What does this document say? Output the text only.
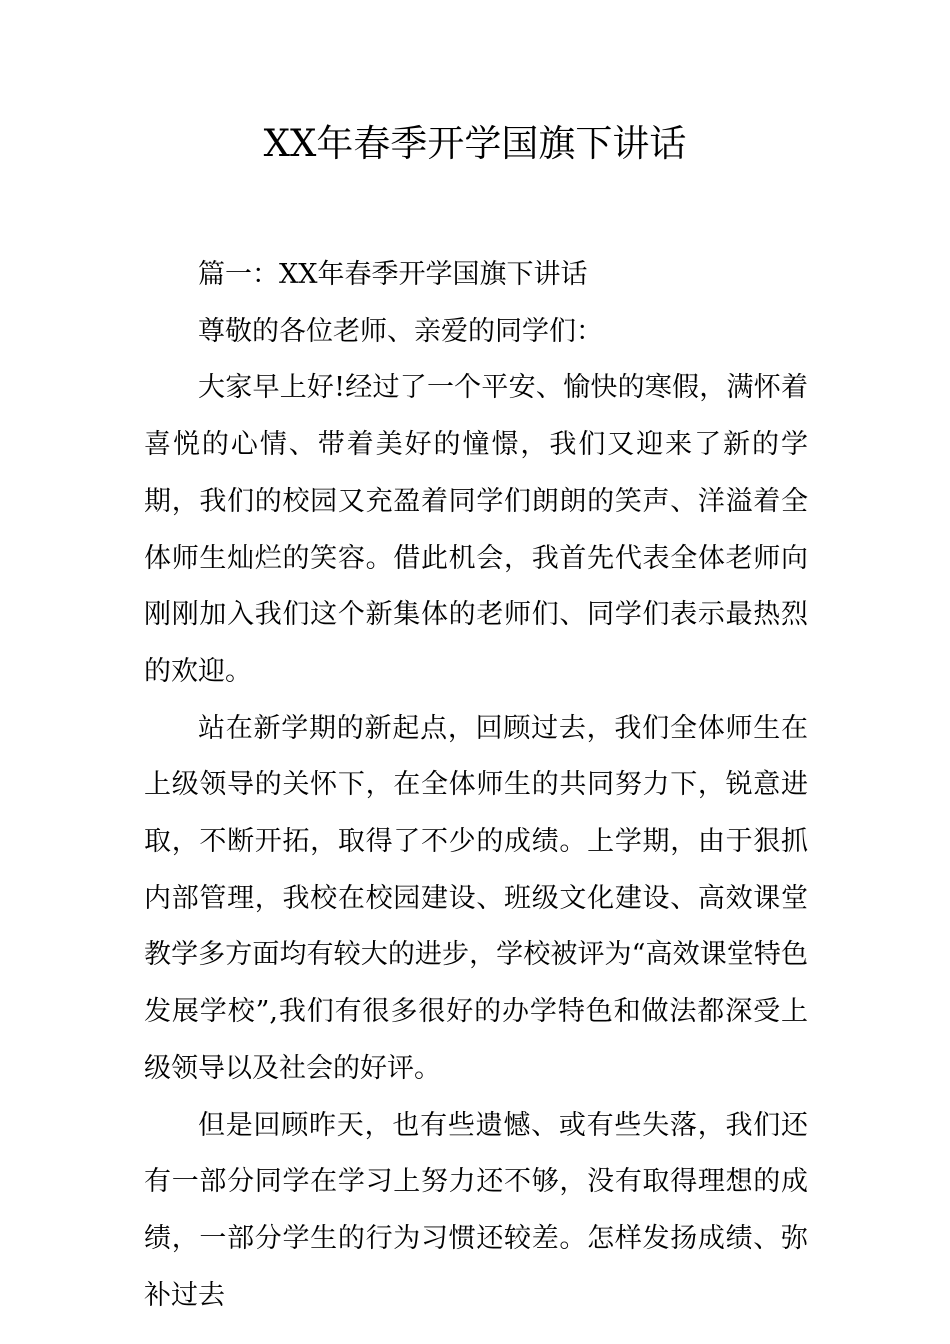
XX年春季开学国旗下讲话

篇一：XX年春季开学国旗下讲话

尊敬的各位老师、亲爱的同学们：

大家早上好!经过了一个平安、愉快的寒假，满怀着喜悦的心情、带着美好的憧憬，我们又迎来了新的学期，我们的校园又充盈着同学们朗朗的笑声、洋溢着全体师生灿烂的笑容。借此机会，我首先代表全体老师向刚刚加入我们这个新集体的老师们、同学们表示最热烈的欢迎。

站在新学期的新起点，回顾过去，我们全体师生在上级领导的关怀下，在全体师生的共同努力下，锐意进取，不断开拓，取得了不少的成绩。上学期，由于狠抓内部管理，我校在校园建设、班级文化建设、高效课堂教学多方面均有较大的进步，学校被评为“高效课堂特色发展学校”,我们有很多很好的办学特色和做法都深受上级领导以及社会的好评。

但是回顾昨天，也有些遗憾、或有些失落，我们还有一部分同学在学习上努力还不够，没有取得理想的成绩，一部分学生的行为习惯还较差。怎样发扬成绩、弥补过去
